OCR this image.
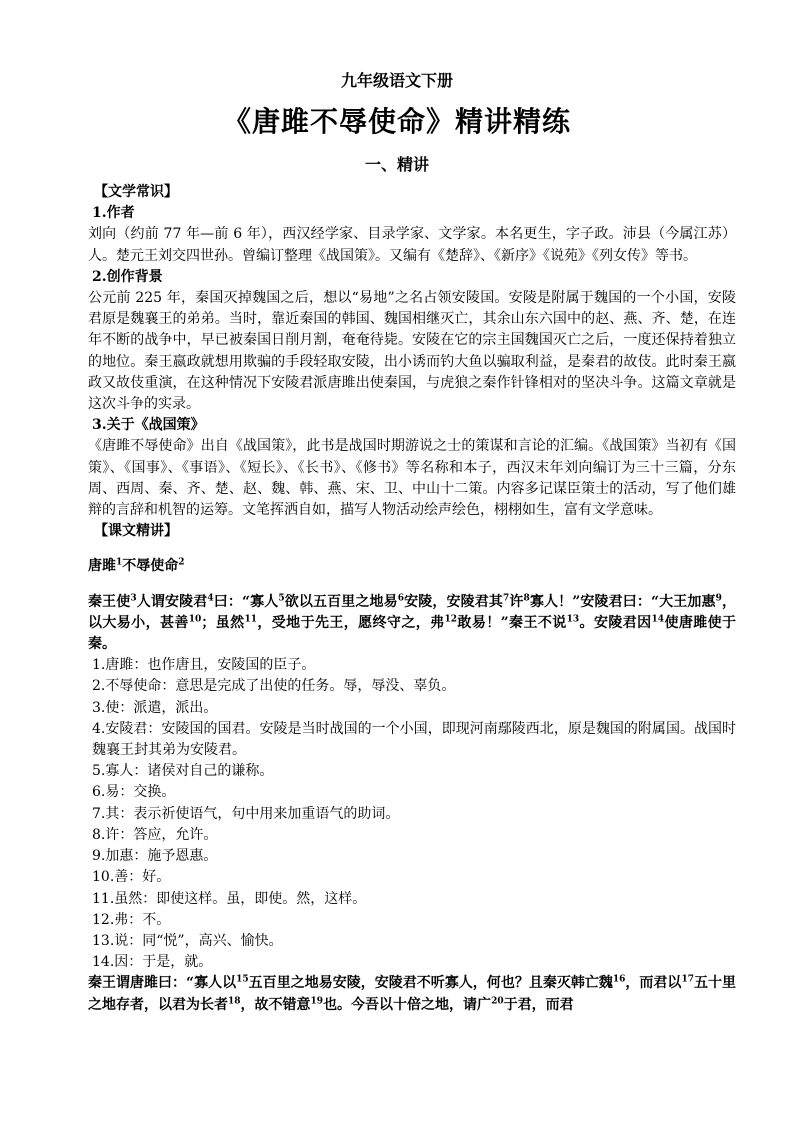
九年级语文下册
《唐雎不辱使命》精讲精练
一、精讲

【文学常识】

1.作者

刘向（约前 77 年—前 6 年），西汉经学家、目录学家、文学家。本名更生，字子政。沛县（今属江苏）人。楚元王刘交四世孙。曾编订整理《战国策》。又编有《楚辞》、《新序》《说苑》《列女传》等书。

2.创作背景

公元前 225 年，秦国灭掉魏国之后，想以“易地”之名占领安陵国。安陵是附属于魏国的一个小国，安陵君原是魏襄王的弟弟。当时，靠近秦国的韩国、魏国相继灭亡，其余山东六国中的赵、燕、齐、楚，在连年不断的战争中，早已被秦国日削月割，奄奄待毙。安陵在它的宗主国魏国灭亡之后，一度还保持着独立的地位。秦王嬴政就想用欺骗的手段轻取安陵，出小诱而钓大鱼以骗取利益，是秦君的故伎。此时秦王嬴政又故伎重演，在这种情况下安陵君派唐雎出使秦国，与虎狼之秦作针锋相对的坚决斗争。这篇文章就是这次斗争的实录。

3.关于《战国策》

《唐雎不辱使命》出自《战国策》，此书是战国时期游说之士的策谋和言论的汇编。《战国策》当初有《国策》、《国事》、《事语》、《短长》、《长书》、《修书》等名称和本子，西汉末年刘向编订为三十三篇，分东周、西周、秦、齐、楚、赵、魏、韩、燕、宋、卫、中山十二策。内容多记谋臣策士的活动，写了他们雄辩的言辞和机智的运筹。文笔挥洒自如，描写人物活动绘声绘色，栩栩如生，富有文学意味。

【课文精讲】

唐雎$^1$不辱使命$^2$

秦王使$^3$人谓安陵君$^4$曰：“寡人$^5$欲以五百里之地易$^6$安陵，安陵君其$^7$许$^8$寡人！”安陵君曰：“大王加惠$^9$，以大易小，甚善$^{10}$；虽然$^{11}$，受地于先王，愿终守之，弗$^{12}$敢易！”秦王不说$^{13}$。安陵君因$^{14}$使唐雎使于秦。

1.唐雎：也作唐且，安陵国的臣子。

2.不辱使命：意思是完成了出使的任务。辱，辱没、辜负。

3.使：派遣，派出。

4.安陵君：安陵国的国君。安陵是当时战国的一个小国，即现河南鄢陵西北，原是魏国的附属国。战国时魏襄王封其弟为安陵君。

5.寡人：诸侯对自己的谦称。

6.易：交换。

7.其：表示祈使语气，句中用来加重语气的助词。

8.许：答应，允许。

9.加惠：施予恩惠。

10.善：好。

11.虽然：即使这样。虽，即使。然，这样。

12.弗：不。

13.说：同“悦”，高兴、愉快。

14.因：于是，就。

秦王谓唐雎曰：“寡人以$^{15}$五百里之地易安陵，安陵君不听寡人，何也？且秦灭韩亡魏$^{16}$，而君以$^{17}$五十里之地存者，以君为长者$^{18}$，故不错意$^{19}$也。今吾以十倍之地，请广$^{20}$于君，而君
